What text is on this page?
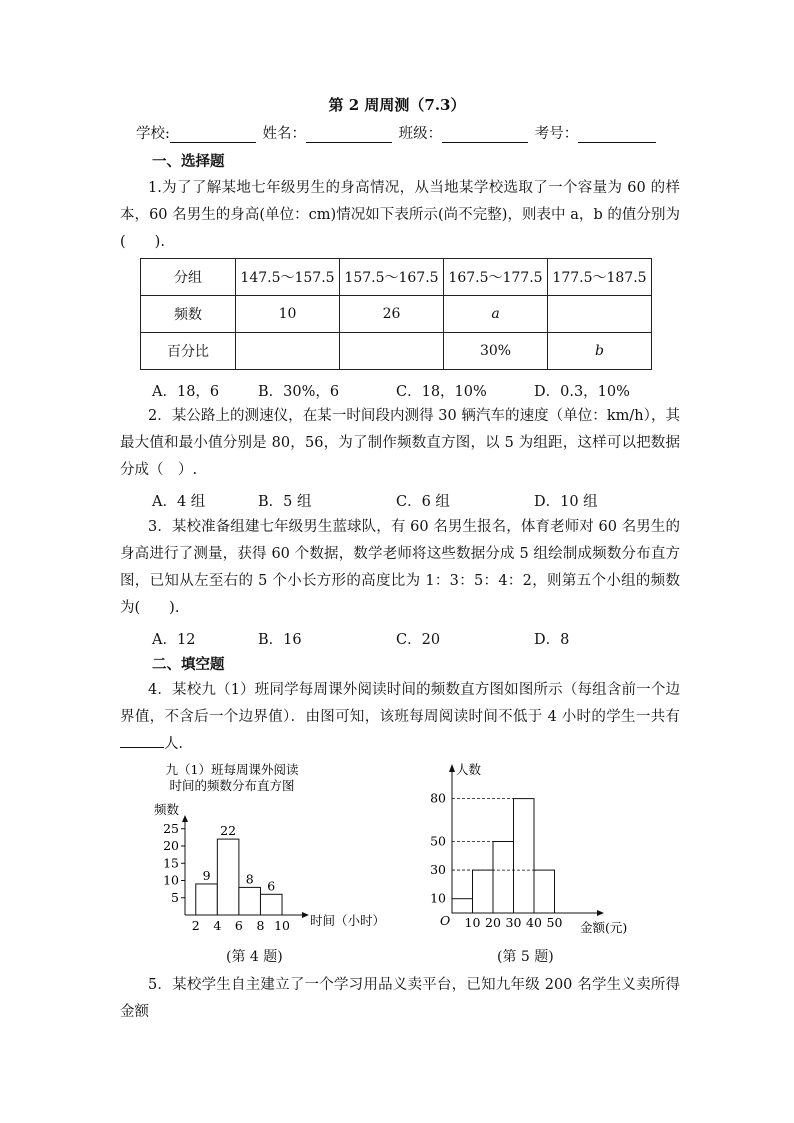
第 2 周周测（7.3）
学校:	姓名：	班级：	考号：
一、选择题
1.为了了解某地七年级男生的身高情况，从当地某学校选取了一个容量为 60 的样本，60 名男生的身高(单位：cm)情况如下表所示(尚不完整)，则表中 a，b 的值分别为(　　).
分组	147.5～157.5	157.5～167.5	167.5～177.5	177.5～187.5
频数	10	26	a	
百分比			30%	b
A．18，6	B．30%，6	C．18，10%	D．0.3，10%
2．某公路上的测速仪，在某一时间段内测得 30 辆汽车的速度（单位：km/h），其最大值和最小值分别是 80，56，为了制作频数直方图，以 5 为组距，这样可以把数据分成（　）.
A．4 组	B．5 组	C．6 组	D．10 组
3．某校准备组建七年级男生蓝球队，有 60 名男生报名，体育老师对 60 名男生的身高进行了测量，获得 60 个数据，数学老师将这些数据分成 5 组绘制成频数分布直方图，已知从左至右的 5 个小长方形的高度比为 1：3：5：4：2，则第五个小组的频数为(　　).
A．12	B．16	C．20	D．8
二、填空题
4．某校九（1）班同学每周课外阅读时间的频数直方图如图所示（每组含前一个边界值，不含后一个边界值）．由图可知，该班每周阅读时间不低于 4 小时的学生一共有人．
九（1）班每周课外阅读
时间的频数分布直方图
频数
时间（小时）
5
10
15
20
25
2 4 6 8 10
9
22
8 6
人数
金额(元)
O
10
30
50
80
10 20 30 40 50
(第 4 题)	(第 5 题)
5．某校学生自主建立了一个学习用品义卖平台，已知九年级 200 名学生义卖所得金额
